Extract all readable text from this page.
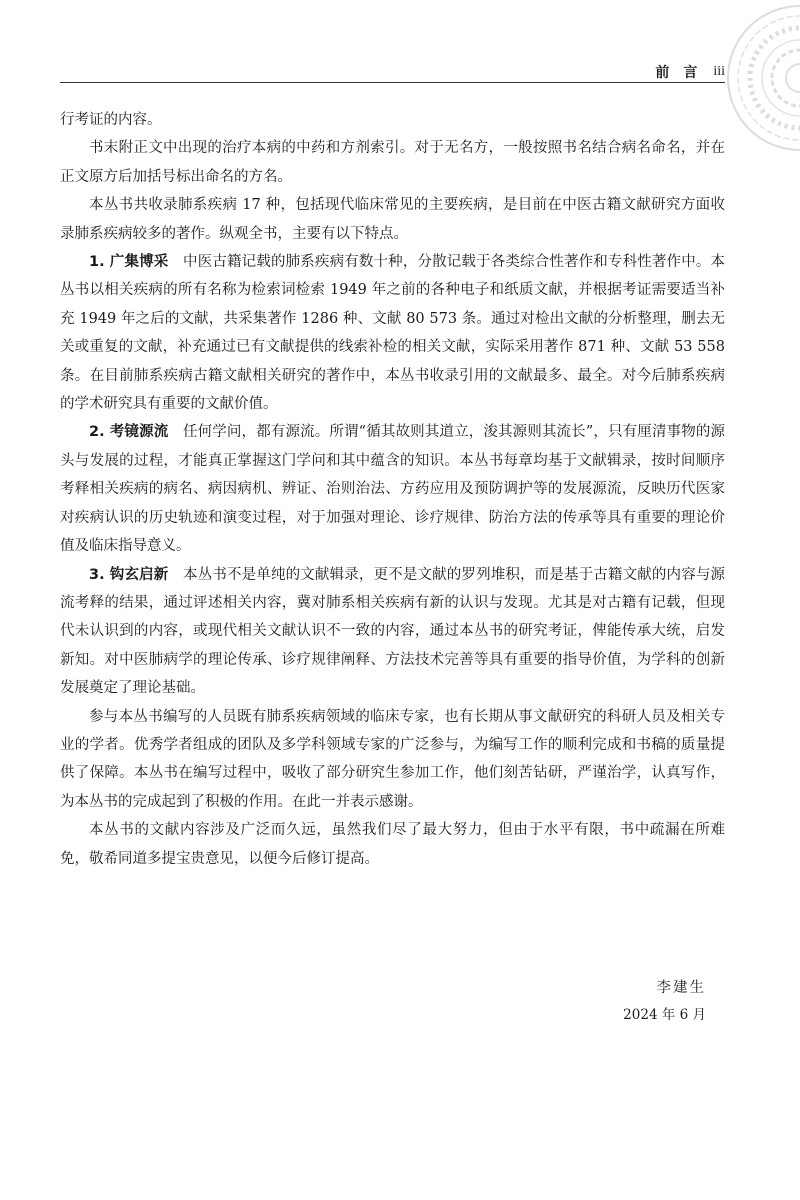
前言 iii

行考证的内容。

书末附正文中出现的治疗本病的中药和方剂索引。对于无名方，一般按照书名结合病名命名，并在正文原方后加括号标出命名的方名。

本丛书共收录肺系疾病 17 种，包括现代临床常见的主要疾病，是目前在中医古籍文献研究方面收录肺系疾病较多的著作。纵观全书，主要有以下特点。

1. 广集博采 中医古籍记载的肺系疾病有数十种，分散记载于各类综合性著作和专科性著作中。本丛书以相关疾病的所有名称为检索词检索 1949 年之前的各种电子和纸质文献，并根据考证需要适当补充 1949 年之后的文献，共采集著作 1286 种、文献 80 573 条。通过对检出文献的分析整理，删去无关或重复的文献，补充通过已有文献提供的线索补检的相关文献，实际采用著作 871 种、文献 53 558 条。在目前肺系疾病古籍文献相关研究的著作中，本丛书收录引用的文献最多、最全。对今后肺系疾病的学术研究具有重要的文献价值。

2. 考镜源流 任何学问，都有源流。所谓“循其故则其道立，浚其源则其流长”，只有厘清事物的源头与发展的过程，才能真正掌握这门学问和其中蕴含的知识。本丛书每章均基于文献辑录，按时间顺序考释相关疾病的病名、病因病机、辨证、治则治法、方药应用及预防调护等的发展源流，反映历代医家对疾病认识的历史轨迹和演变过程，对于加强对理论、诊疗规律、防治方法的传承等具有重要的理论价值及临床指导意义。

3. 钩玄启新 本丛书不是单纯的文献辑录，更不是文献的罗列堆积，而是基于古籍文献的内容与源流考释的结果，通过评述相关内容，冀对肺系相关疾病有新的认识与发现。尤其是对古籍有记载，但现代未认识到的内容，或现代相关文献认识不一致的内容，通过本丛书的研究考证，俾能传承大统，启发新知。对中医肺病学的理论传承、诊疗规律阐释、方法技术完善等具有重要的指导价值，为学科的创新发展奠定了理论基础。

参与本丛书编写的人员既有肺系疾病领域的临床专家，也有长期从事文献研究的科研人员及相关专业的学者。优秀学者组成的团队及多学科领域专家的广泛参与，为编写工作的顺利完成和书稿的质量提供了保障。本丛书在编写过程中，吸收了部分研究生参加工作，他们刻苦钻研，严谨治学，认真写作，为本丛书的完成起到了积极的作用。在此一并表示感谢。

本丛书的文献内容涉及广泛而久远，虽然我们尽了最大努力，但由于水平有限，书中疏漏在所难免，敬希同道多提宝贵意见，以便今后修订提高。

李建生
2024 年 6 月
